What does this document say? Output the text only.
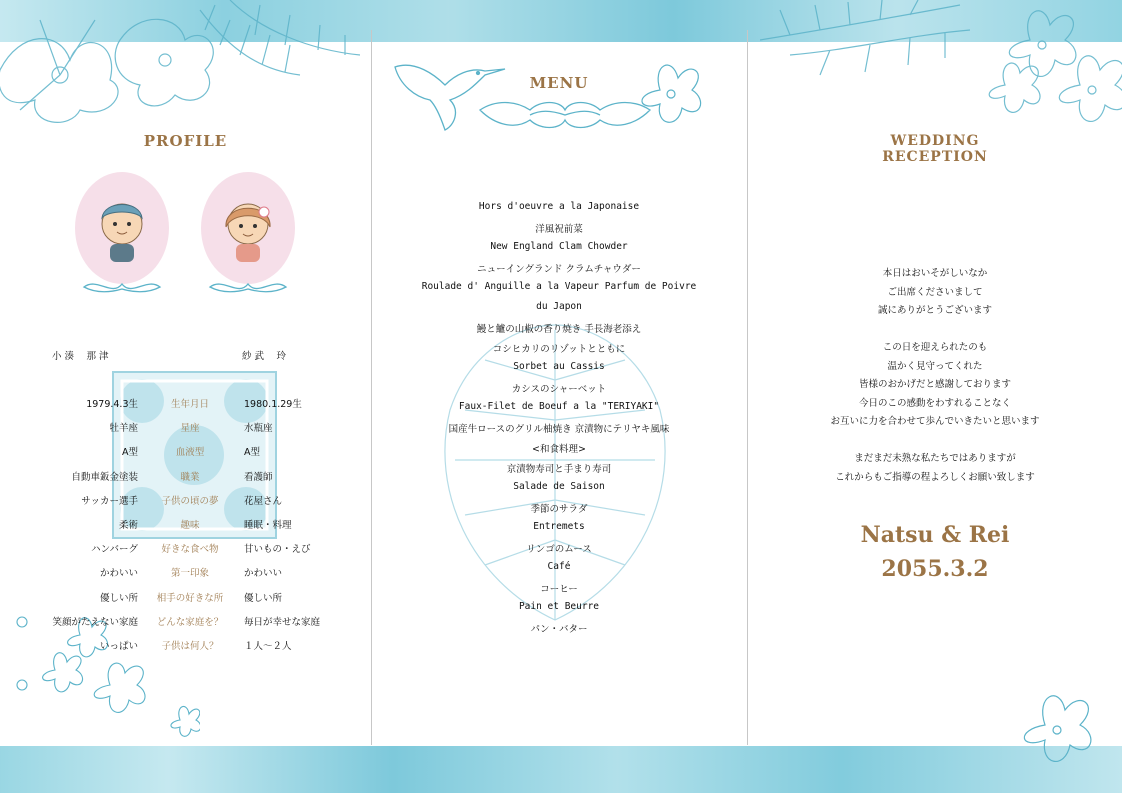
PROFILE
MENU
WEDDING
RECEPTION
小 湊　 那 津	紗 武　 玲
1979.4.3生	生年月日	1980.1.29生
牡羊座	星座	水瓶座
A型	血液型	A型
自動車鈑金塗装	職業	看護師
サッカー選手	子供の頃の夢	花屋さん
柔術	趣味	睡眠・料理
ハンバーグ	好きな食べ物	甘いもの・えび
かわいい	第一印象	かわいい
優しい所	相手の好きな所	優しい所
笑顔がたえない家庭	どんな家庭を？	毎日が幸せな家庭
いっぱい	子供は何人？	１人～２人
Hors d'oeuvre a la Japonaise
洋風祝前菜
New England Clam Chowder
ニューイングランド クラムチャウダー
Roulade d' Anguille a la Vapeur Parfum de Poivre
du Japon
鰻と鱸の山椒の香り焼き 手長海老添え
コシヒカリのリゾットとともに
Sorbet au Cassis
カシスのシャーベット
Faux-Filet de Boeuf a la "TERIYAKI"
国産牛ロースのグリル柚焼き 京漬物にテリヤキ風味
<和食料理>
京漬物寿司と手まり寿司
Salade de Saison
季節のサラダ
Entremets
リンゴのムース
Café
コーヒー
Pain et Beurre
パン・バター
本日はおいそがしいなか
ご出席くださいまして
誠にありがとうございます
この日を迎えられたのも
温かく見守ってくれた
皆様のおかげだと感謝しております
今日のこの感動をわすれることなく
お互いに力を合わせて歩んでいきたいと思います
まだまだ未熟な私たちではありますが
これからもご指導の程よろしくお願い致します
Natsu & Rei
2055.3.2
